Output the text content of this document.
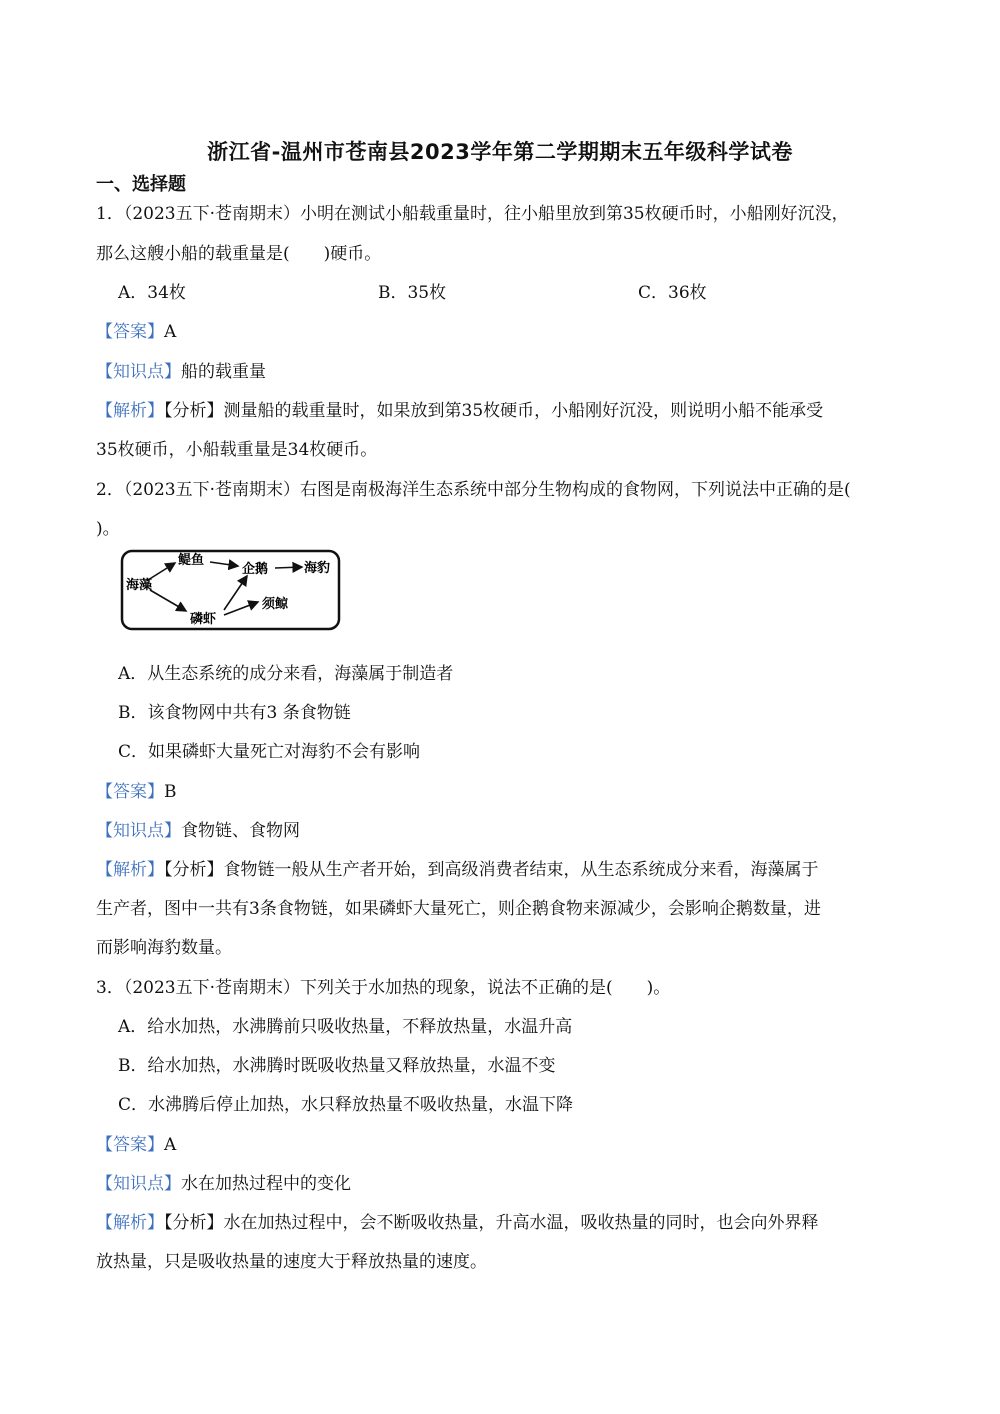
浙江省-温州市苍南县2023学年第二学期期末五年级科学试卷
一、选择题
1．（2023五下·苍南期末）小明在测试小船载重量时，往小船里放到第35枚硬币时，小船刚好沉没，
那么这艘小船的载重量是(　　)硬币。
A．34枚	B．35枚	C．36枚
【答案】A
【知识点】船的载重量
【解析】【分析】测量船的载重量时，如果放到第35枚硬币，小船刚好沉没，则说明小船不能承受
35枚硬币，小船载重量是34枚硬币。
2．（2023五下·苍南期末）右图是南极海洋生态系统中部分生物构成的食物网，下列说法中正确的是(
)。
海藻
鳀鱼
企鹅	海豹
磷虾
须鲸
A．从生态系统的成分来看，海藻属于制造者
B．该食物网中共有3 条食物链
C．如果磷虾大量死亡对海豹不会有影响
【答案】B
【知识点】食物链、食物网
【解析】【分析】食物链一般从生产者开始，到高级消费者结束，从生态系统成分来看，海藻属于
生产者，图中一共有3条食物链，如果磷虾大量死亡，则企鹅食物来源减少，会影响企鹅数量，进
而影响海豹数量。
3．（2023五下·苍南期末）下列关于水加热的现象，说法不正确的是(　　)。
A．给水加热，水沸腾前只吸收热量，不释放热量，水温升高
B．给水加热，水沸腾时既吸收热量又释放热量，水温不变
C．水沸腾后停止加热，水只释放热量不吸收热量，水温下降
【答案】A
【知识点】水在加热过程中的变化
【解析】【分析】水在加热过程中，会不断吸收热量，升高水温，吸收热量的同时，也会向外界释
放热量，只是吸收热量的速度大于释放热量的速度。
